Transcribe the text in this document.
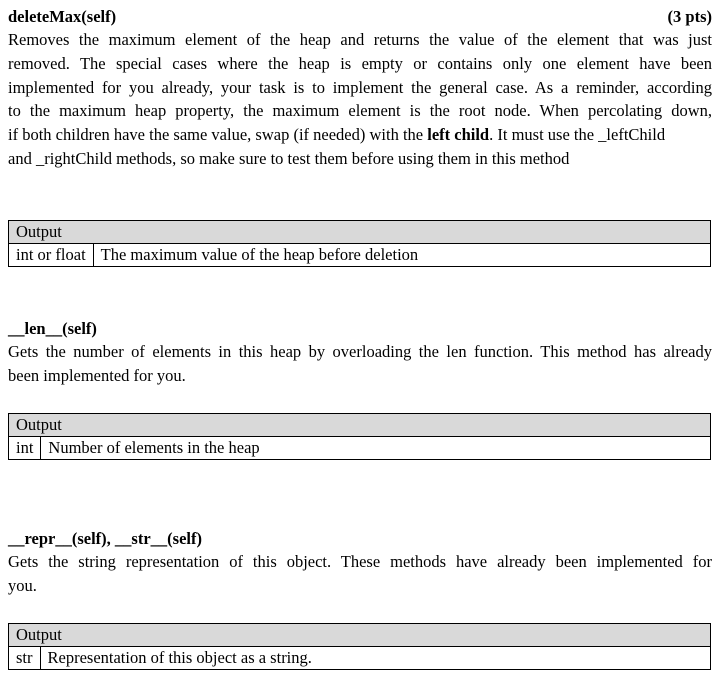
deleteMax(self)	(3 pts)

Removes the maximum element of the heap and returns the value of the element that was just

removed. The special cases where the heap is empty or contains only one element have been

implemented for you already, your task is to implement the general case. As a reminder, according

to the maximum heap property, the maximum element is the root node. When percolating down,

if both children have the same value, swap (if needed) with the left child. It must use the _leftChild

and _rightChild methods, so make sure to test them before using them in this method

Output
int or float	The maximum value of the heap before deletion
__len__(self)

Gets the number of elements in this heap by overloading the len function. This method has already

been implemented for you.

Output
int	Number of elements in the heap
__repr__(self), __str__(self)

Gets the string representation of this object. These methods have already been implemented for

you.

Output
str	Representation of this object as a string.
